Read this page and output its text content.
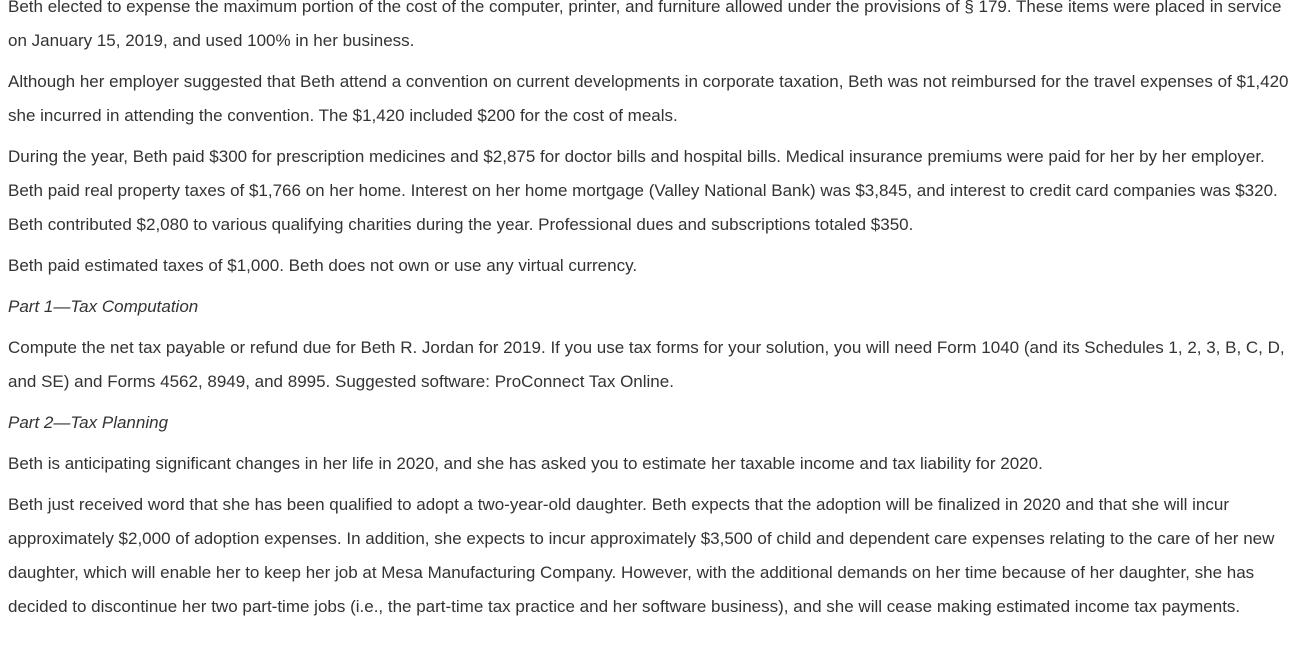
Beth elected to expense the maximum portion of the cost of the computer, printer, and furniture allowed under the provisions of § 179. These items were placed in service on January 15, 2019, and used 100% in her business.

Although her employer suggested that Beth attend a convention on current developments in corporate taxation, Beth was not reimbursed for the travel expenses of $1,420 she incurred in attending the convention. The $1,420 included $200 for the cost of meals.

During the year, Beth paid $300 for prescription medicines and $2,875 for doctor bills and hospital bills. Medical insurance premiums were paid for her by her employer. Beth paid real property taxes of $1,766 on her home. Interest on her home mortgage (Valley National Bank) was $3,845, and interest to credit card companies was $320. Beth contributed $2,080 to various qualifying charities during the year. Professional dues and subscriptions totaled $350.

Beth paid estimated taxes of $1,000. Beth does not own or use any virtual currency.

Part 1—Tax Computation

Compute the net tax payable or refund due for Beth R. Jordan for 2019. If you use tax forms for your solution, you will need Form 1040 (and its Schedules 1, 2, 3, B, C, D, and SE) and Forms 4562, 8949, and 8995. Suggested software: ProConnect Tax Online.

Part 2—Tax Planning

Beth is anticipating significant changes in her life in 2020, and she has asked you to estimate her taxable income and tax liability for 2020.

Beth just received word that she has been qualified to adopt a two-year-old daughter. Beth expects that the adoption will be finalized in 2020 and that she will incur approximately $2,000 of adoption expenses. In addition, she expects to incur approximately $3,500 of child and dependent care expenses relating to the care of her new daughter, which will enable her to keep her job at Mesa Manufacturing Company. However, with the additional demands on her time because of her daughter, she has decided to discontinue her two part-time jobs (i.e., the part-time tax practice and her software business), and she will cease making estimated income tax payments.
